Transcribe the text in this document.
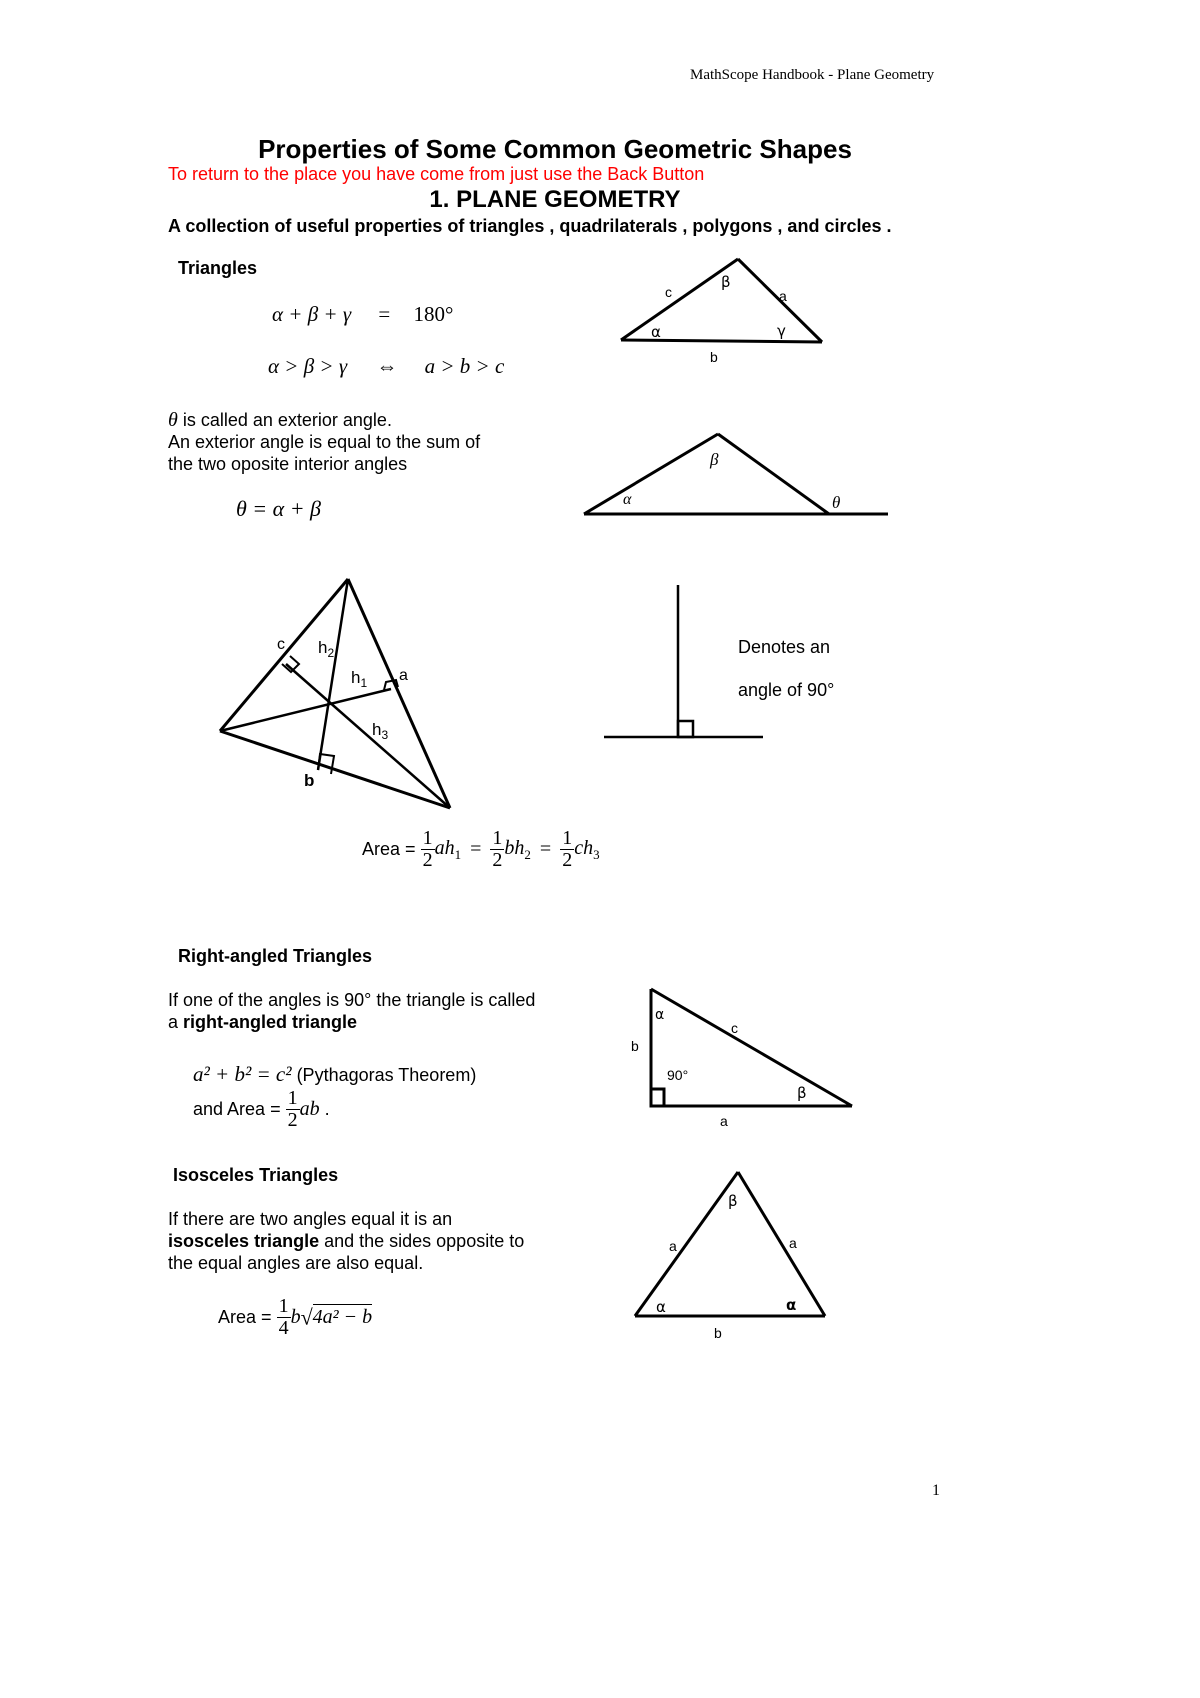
MathScope Handbook - Plane Geometry
Properties of Some Common Geometric Shapes
To return to the place you have come from just use the Back Button
1. PLANE GEOMETRY
A collection of useful properties of triangles , quadrilaterals , polygons , and circles .
Triangles
α + β + γ = 180°
α > β > γ ⇔ a > b > c
θ is called an exterior angle.
An exterior angle is equal to the sum of
the two oposite interior angles
θ = α + β
Denotes an
angle of 90°
Area = $\frac{1}{2} ah_1 = \frac{1}{2} bh_2 = \frac{1}{2} ch_3$
Right-angled Triangles
If one of the angles is 90° the triangle is called
a right-angled triangle
a² + b² = c² (Pythagoras Theorem)
and Area = $\frac{1}{2}$ ab .
Isosceles Triangles
If there are two angles equal it is an
isosceles triangle and the sides opposite to
the equal angles are also equal.
Area = $\frac{1}{4} b√4a^2 - b$
1
c	a
b
α
β
γ
α
β
θ
c
a
b
$h_2$
$h_1$
$h_3$
α
c
b
90°
β
a
β
a	a
α	α
b
